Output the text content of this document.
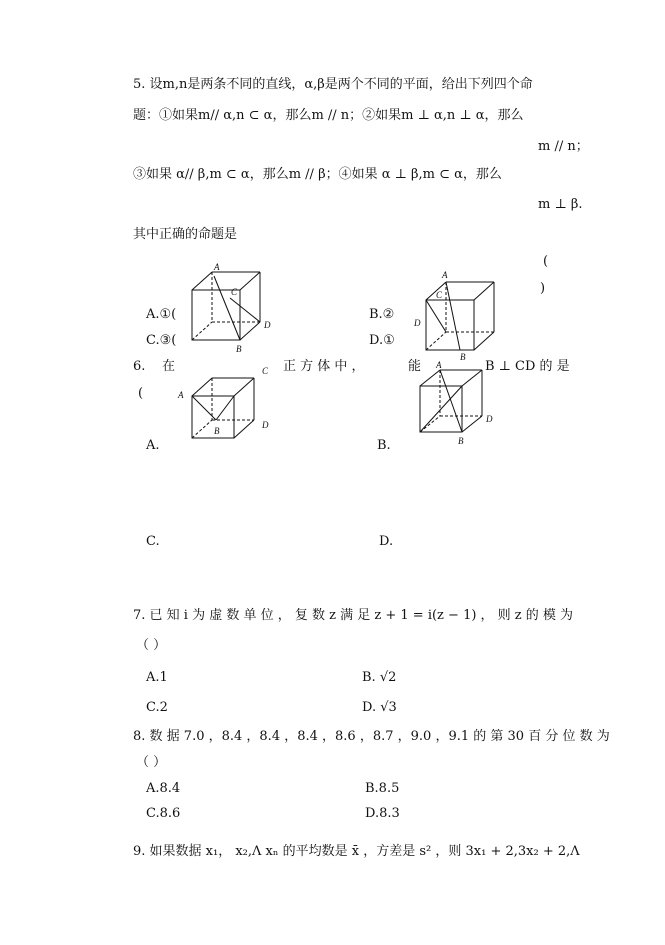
5. 设m,n是两条不同的直线，α,β是两个不同的平面，给出下列四个命
题：①如果m// α,n ⊂ α，那么m // n；②如果m ⊥ α,n ⊥ α，那么
m // n；
③如果 α// β,m ⊂ α，那么m // β；④如果 α ⊥ β,m ⊂ α，那么
m ⊥ β.
其中正确的命题是
(
)
A.①(	B.②
C.③(	D.①
A
C
B
D
A
C
B
D
6. 在	正 方 体 中 ，	能	B ⊥ CD 的 是
(	A
C
B
D
A
B
D
A.	B.
C.	D.
7. 已 知 i 为 虚 数 单 位 ， 复 数 z 满 足 z + 1 = i(z − 1) ， 则 z 的 模 为
（ ）
A.1	B. √2
C.2	D. √3
8. 数 据 7.0 ，8.4 ，8.4 ，8.4 ，8.6 ，8.7 ，9.0 ，9.1 的 第 30 百 分 位 数 为
（ ）
A.8.4	B.8.5
C.8.6	D.8.3
9. 如果数据 x₁， x₂,Λ xₙ 的平均数是 x̄ ，方差是 s² ，则 3x₁ + 2,3x₂ + 2,Λ
